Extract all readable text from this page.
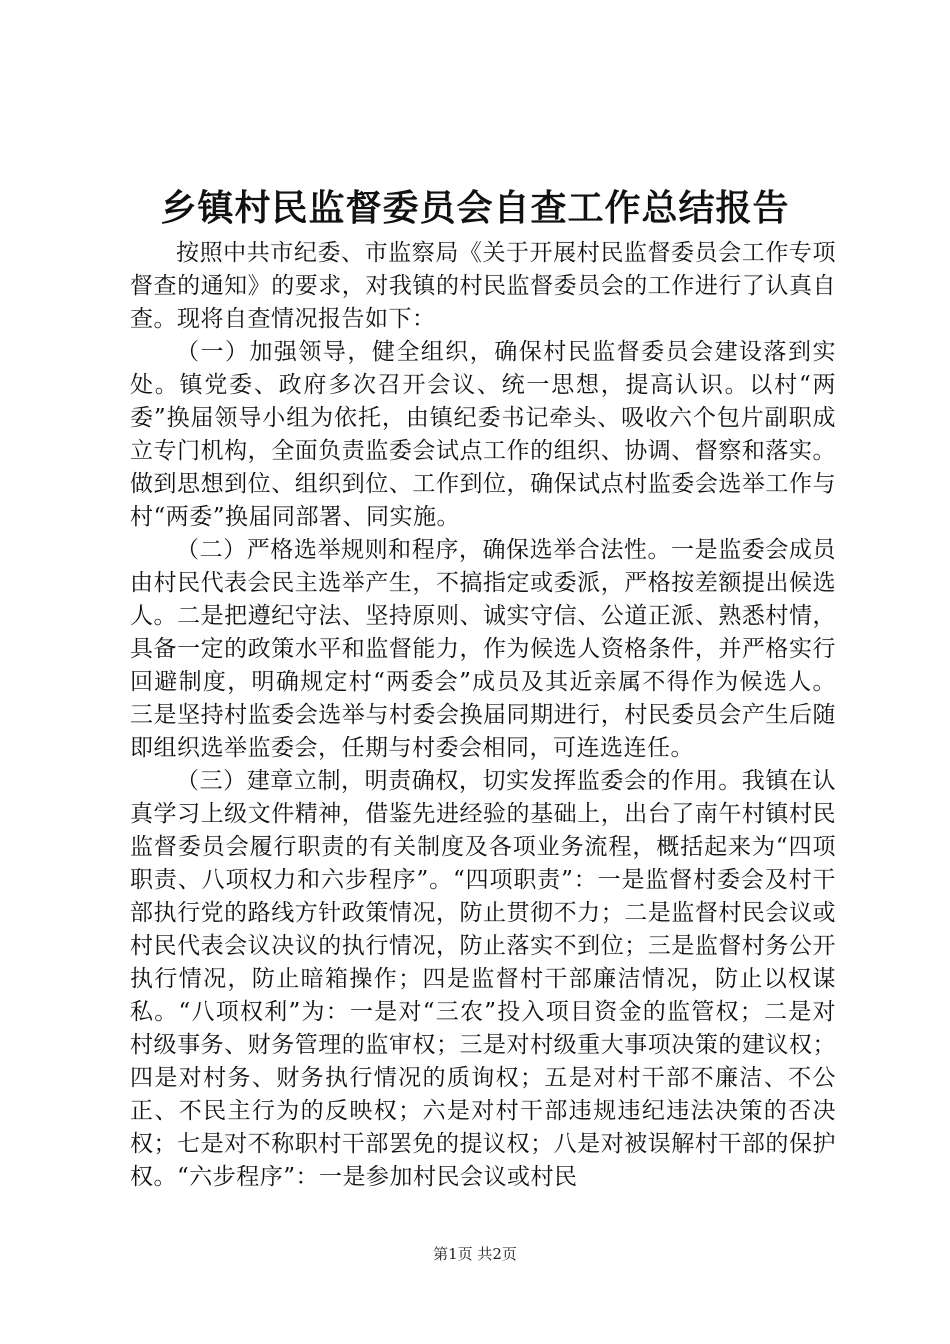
乡镇村民监督委员会自查工作总结报告

按照中共市纪委、市监察局《关于开展村民监督委员会工作专项督查的通知》的要求，对我镇的村民监督委员会的工作进行了认真自查。现将自查情况报告如下：

（一）加强领导，健全组织，确保村民监督委员会建设落到实处。镇党委、政府多次召开会议、统一思想，提高认识。以村“两委”换届领导小组为依托，由镇纪委书记牵头、吸收六个包片副职成立专门机构，全面负责监委会试点工作的组织、协调、督察和落实。做到思想到位、组织到位、工作到位，确保试点村监委会选举工作与村“两委”换届同部署、同实施。

（二）严格选举规则和程序，确保选举合法性。一是监委会成员由村民代表会民主选举产生，不搞指定或委派，严格按差额提出候选人。二是把遵纪守法、坚持原则、诚实守信、公道正派、熟悉村情，具备一定的政策水平和监督能力，作为候选人资格条件，并严格实行回避制度，明确规定村“两委会”成员及其近亲属不得作为候选人。三是坚持村监委会选举与村委会换届同期进行，村民委员会产生后随即组织选举监委会，任期与村委会相同，可连选连任。

（三）建章立制，明责确权，切实发挥监委会的作用。我镇在认真学习上级文件精神，借鉴先进经验的基础上，出台了南午村镇村民监督委员会履行职责的有关制度及各项业务流程，概括起来为“四项职责、八项权力和六步程序”。“四项职责”：一是监督村委会及村干部执行党的路线方针政策情况，防止贯彻不力；二是监督村民会议或村民代表会议决议的执行情况，防止落实不到位；三是监督村务公开执行情况，防止暗箱操作；四是监督村干部廉洁情况，防止以权谋私。“八项权利”为：一是对“三农”投入项目资金的监管权；二是对村级事务、财务管理的监审权；三是对村级重大事项决策的建议权；四是对村务、财务执行情况的质询权；五是对村干部不廉洁、不公正、不民主行为的反映权；六是对村干部违规违纪违法决策的否决权；七是对不称职村干部罢免的提议权；八是对被误解村干部的保护权。“六步程序”：一是参加村民会议或村民

第1页 共2页
